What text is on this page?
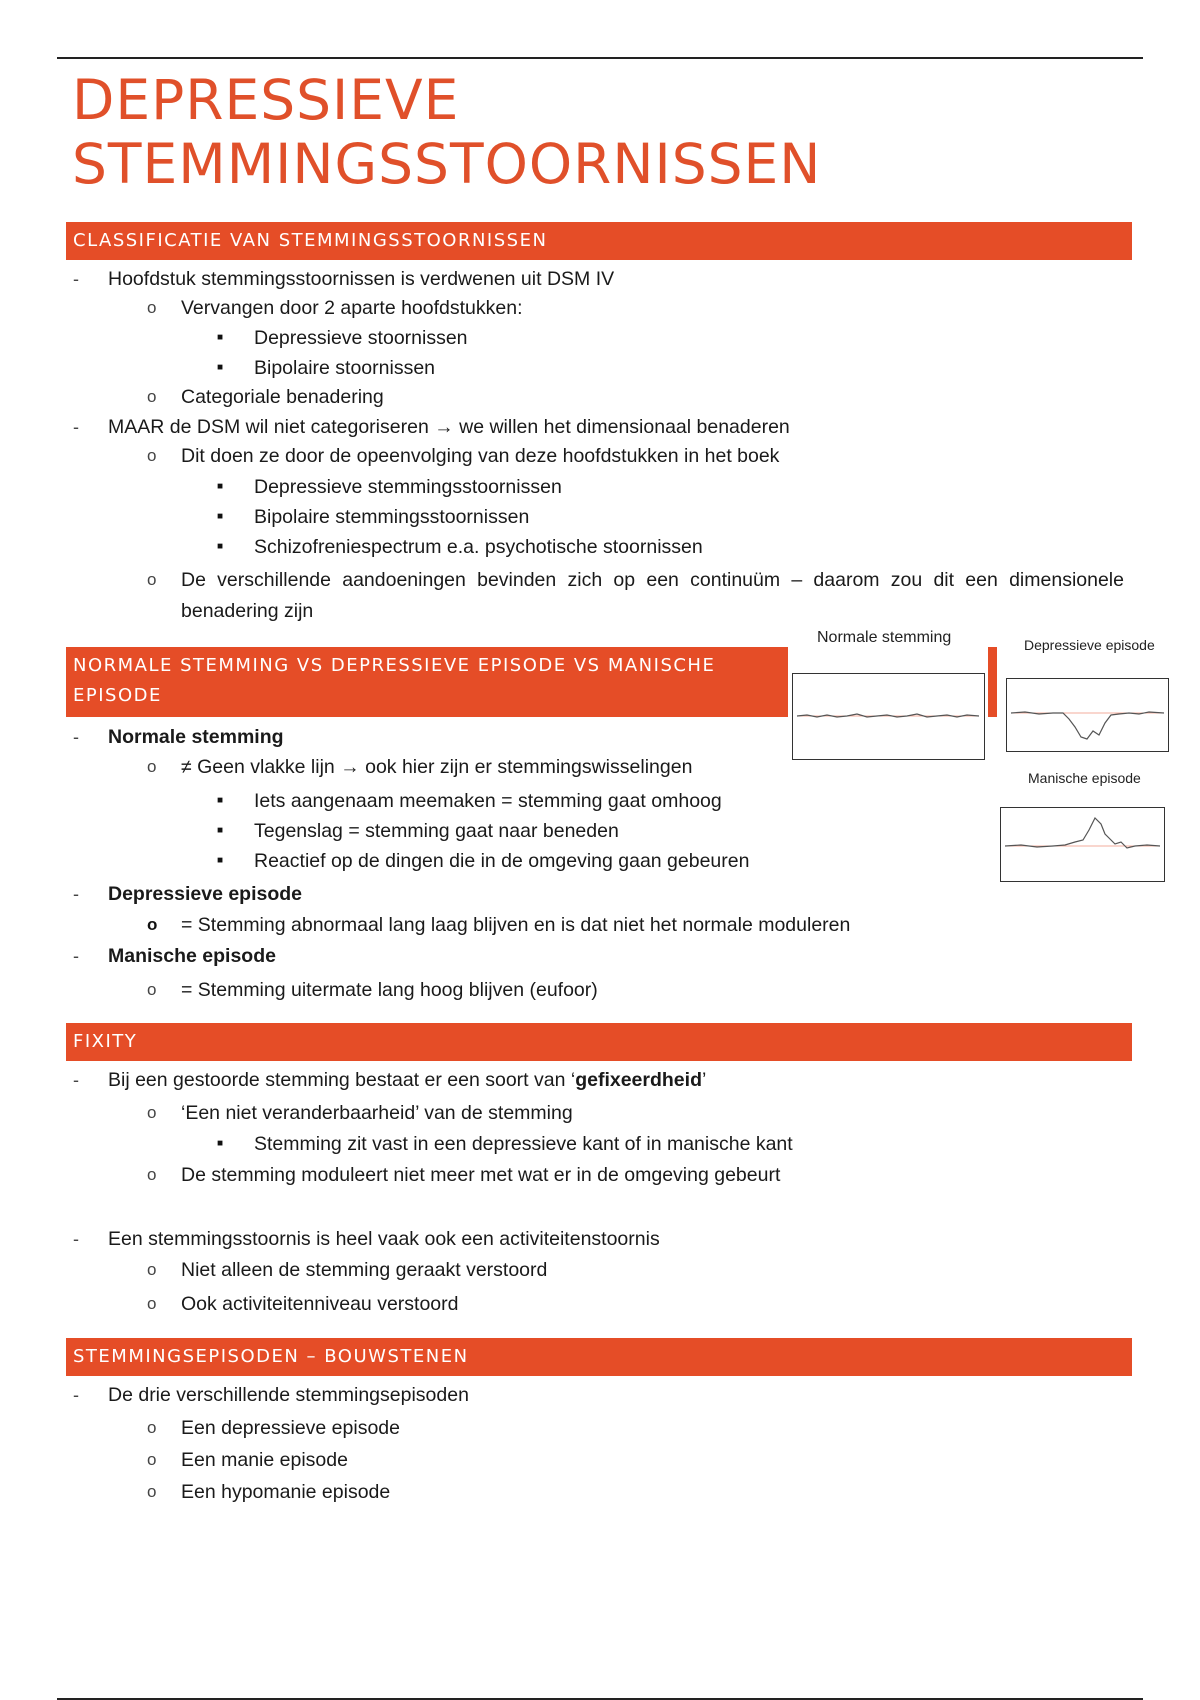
DEPRESSIEVE
STEMMINGSSTOORNISSEN
CLASSIFICATIE VAN STEMMINGSSTOORNISSEN
- Hoofdstuk stemmingsstoornissen is verdwenen uit DSM IV
o Vervangen door 2 aparte hoofdstukken:
■ Depressieve stoornissen
■ Bipolaire stoornissen
o Categoriale benadering
- MAAR de DSM wil niet categoriseren → we willen het dimensionaal benaderen
o Dit doen ze door de opeenvolging van deze hoofdstukken in het boek
■ Depressieve stemmingsstoornissen
■ Bipolaire stemmingsstoornissen
■ Schizofreniespectrum e.a. psychotische stoornissen
o De verschillende aandoeningen bevinden zich op een continuüm – daarom zou dit een dimensionele benadering zijn
NORMALE STEMMING VS DEPRESSIEVE EPISODE VS MANISCHE
EPISODE
Normale stemming	Depressieve episode
Manische episode
- Normale stemming
o ≠ Geen vlakke lijn → ook hier zijn er stemmingswisselingen
■ Iets aangenaam meemaken = stemming gaat omhoog
■ Tegenslag = stemming gaat naar beneden
■ Reactief op de dingen die in de omgeving gaan gebeuren
- Depressieve episode
o = Stemming abnormaal lang laag blijven en is dat niet het normale moduleren
- Manische episode
o = Stemming uitermate lang hoog blijven (eufoor)
FIXITY
- Bij een gestoorde stemming bestaat er een soort van ‘gefixeerdheid’
o ‘Een niet veranderbaarheid’ van de stemming
■ Stemming zit vast in een depressieve kant of in manische kant
o De stemming moduleert niet meer met wat er in de omgeving gebeurt
- Een stemmingsstoornis is heel vaak ook een activiteitenstoornis
o Niet alleen de stemming geraakt verstoord
o Ook activiteitenniveau verstoord
STEMMINGSEPISODEN – BOUWSTENEN
- De drie verschillende stemmingsepisoden
o Een depressieve episode
o Een manie episode
o Een hypomanie episode
